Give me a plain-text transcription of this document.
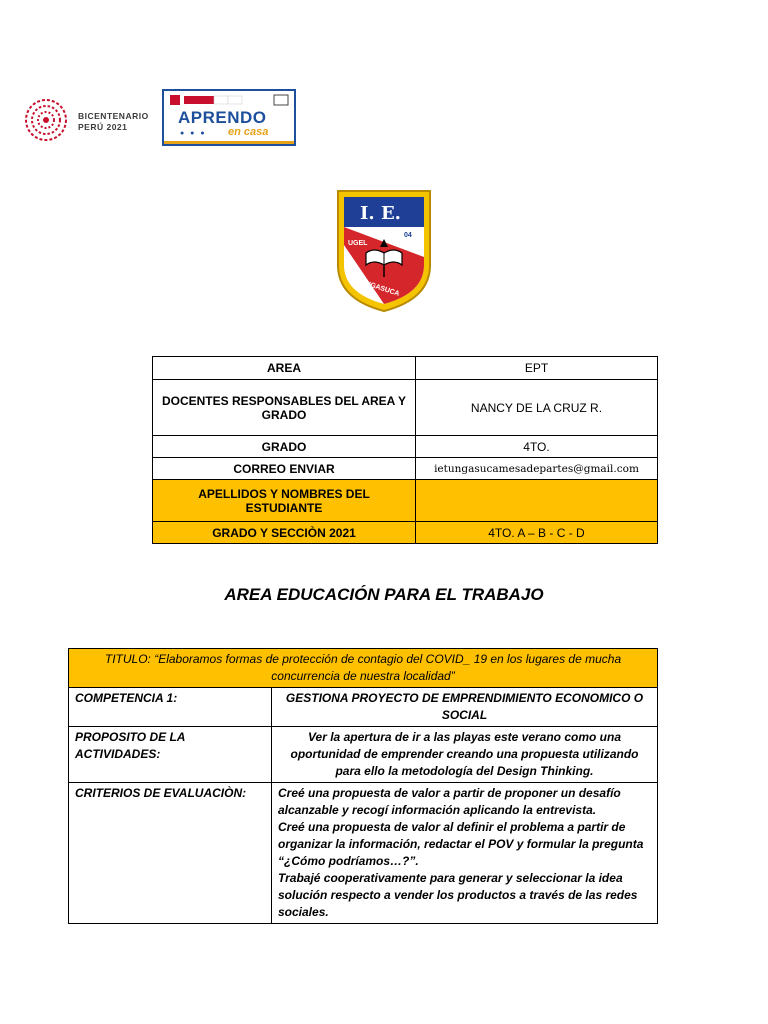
BICENTENARIO
PERÚ 2021	APRENDO
● ● ● en casa
I. E.
UGEL
04
TUNGASUCA
AREA	EPT
DOCENTES RESPONSABLES DEL AREA Y GRADO	NANCY DE LA CRUZ R.
GRADO	4TO.
CORREO ENVIAR	ietungasucamesadepartes@gmail.com
APELLIDOS Y NOMBRES DEL ESTUDIANTE	
GRADO Y SECCIÒN 2021	4TO. A – B - C - D
AREA EDUCACIÓN PARA EL TRABAJO
TITULO: “Elaboramos formas de protección de contagio del COVID_ 19 en los lugares de mucha concurrencia de nuestra localidad”	
COMPETENCIA 1:	GESTIONA PROYECTO DE EMPRENDIMIENTO ECONOMICO O SOCIAL
PROPOSITO DE LA ACTIVIDADES:	Ver la apertura de ir a las playas este verano como una oportunidad de emprender creando una propuesta utilizando para ello la metodología del Design Thinking.
CRITERIOS DE EVALUACIÒN:	Creé una propuesta de valor a partir de proponer un desafío alcanzable y recogí información aplicando la entrevista.
Creé una propuesta de valor al definir el problema a partir de organizar la información, redactar el POV y formular la pregunta “¿Cómo podríamos…?”.
Trabajé cooperativamente para generar y seleccionar la idea solución respecto a vender los productos a través de las redes sociales.
